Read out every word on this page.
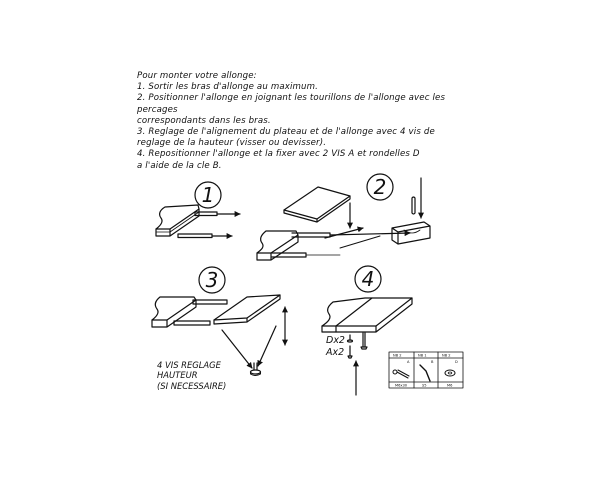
Pour monter votre allonge:
1. Sortir les bras d'allonge au maximum.
2. Positionner l'allonge en joignant les tourillons de l'allonge avec les percages
correspondants dans les bras.
3. Reglage de l'alignement du plateau et de l'allonge avec 4 vis de
reglage de la hauteur (visser ou devisser).
4. Repositionner l'allonge et la fixer avec 2 VIS A et rondelles D
a l'aide de la cle B.
1	2
3
4 VIS REGLAGE
HAUTEUR
(SI NECESSAIRE)
4
Dx2
Ax2	NB 2
A
M6x30
NB 1
B
S5
NB 2
D
M6
